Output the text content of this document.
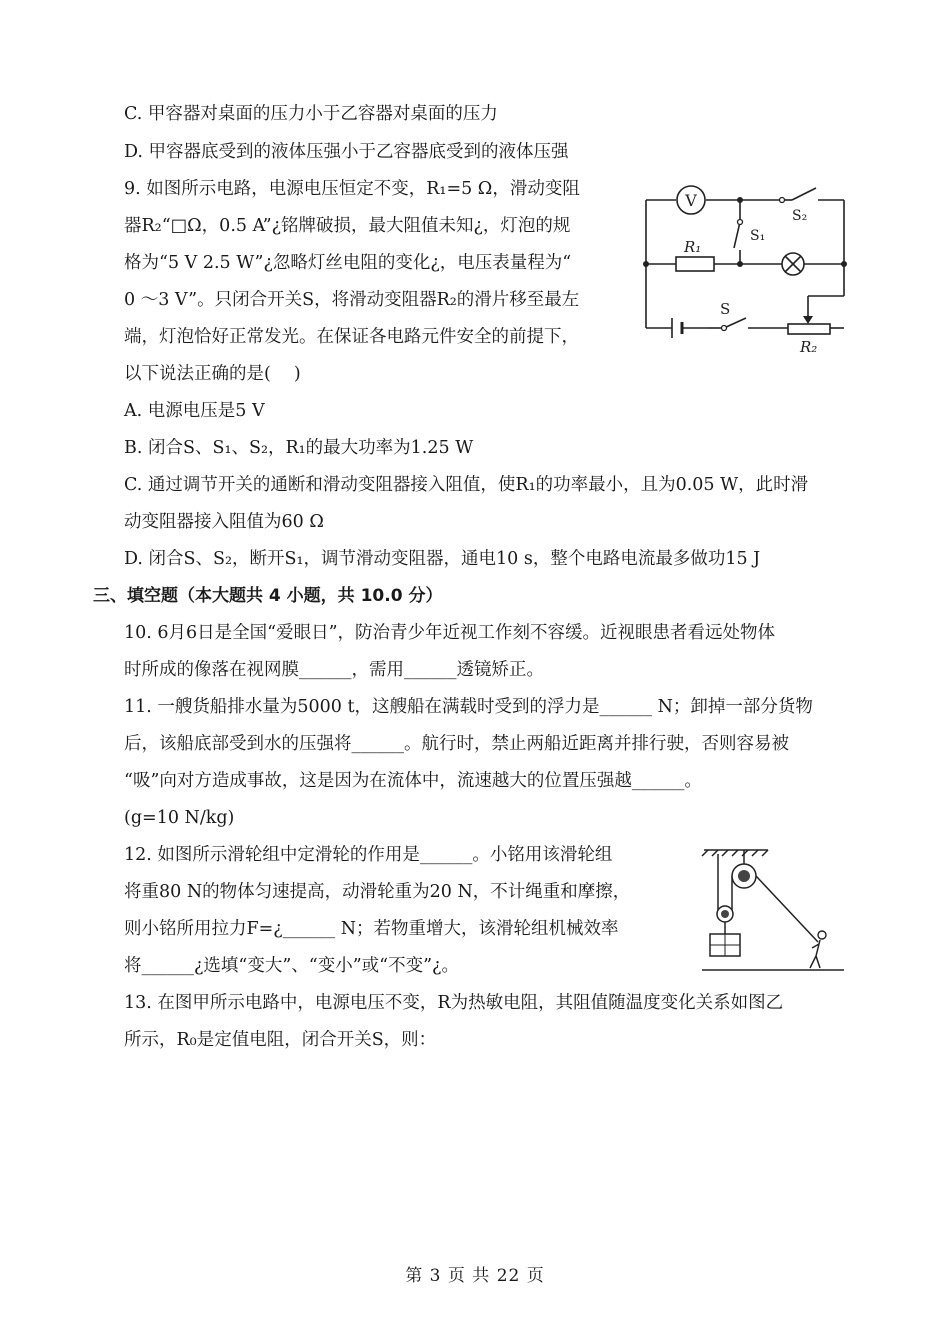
C. 甲容器对桌面的压力小于乙容器对桌面的压力
D. 甲容器底受到的液体压强小于乙容器底受到的液体压强
9. 如图所示电路，电源电压恒定不变，R₁=5 Ω，滑动变阻
器R₂“□Ω，0.5 A”¿铭牌破损，最大阻值未知¿，灯泡的规
格为“5 V 2.5 W”¿忽略灯丝电阻的变化¿，电压表量程为“
0 ～3 V”。只闭合开关S，将滑动变阻器R₂的滑片移至最左
端，灯泡恰好正常发光。在保证各电路元件安全的前提下，
以下说法正确的是(　 )
V
S₂
S₁
R₁
S
R₂
A. 电源电压是5 V
B. 闭合S、S₁、S₂，R₁的最大功率为1.25 W
C. 通过调节开关的通断和滑动变阻器接入阻值，使R₁的功率最小，且为0.05 W，此时滑
动变阻器接入阻值为60 Ω
D. 闭合S、S₂，断开S₁，调节滑动变阻器，通电10 s，整个电路电流最多做功15 J
三、填空题（本大题共 4 小题，共 10.0 分）
10. 6月6日是全国“爱眼日”，防治青少年近视工作刻不容缓。近视眼患者看远处物体
时所成的像落在视网膜______，需用______透镜矫正。
11. 一艘货船排水量为5000 t，这艘船在满载时受到的浮力是______ N；卸掉一部分货物
后，该船底部受到水的压强将______。航行时，禁止两船近距离并排行驶，否则容易被
“吸”向对方造成事故，这是因为在流体中，流速越大的位置压强越______。
(g=10 N/kg)
12. 如图所示滑轮组中定滑轮的作用是______。小铭用该滑轮组
将重80 N的物体匀速提高，动滑轮重为20 N，不计绳重和摩擦，
则小铭所用拉力F=¿______ N；若物重增大，该滑轮组机械效率
将______¿选填“变大”、“变小”或“不变”¿。
13. 在图甲所示电路中，电源电压不变，R为热敏电阻，其阻值随温度变化关系如图乙
所示，R₀是定值电阻，闭合开关S，则：
第 3 页 共 22 页
